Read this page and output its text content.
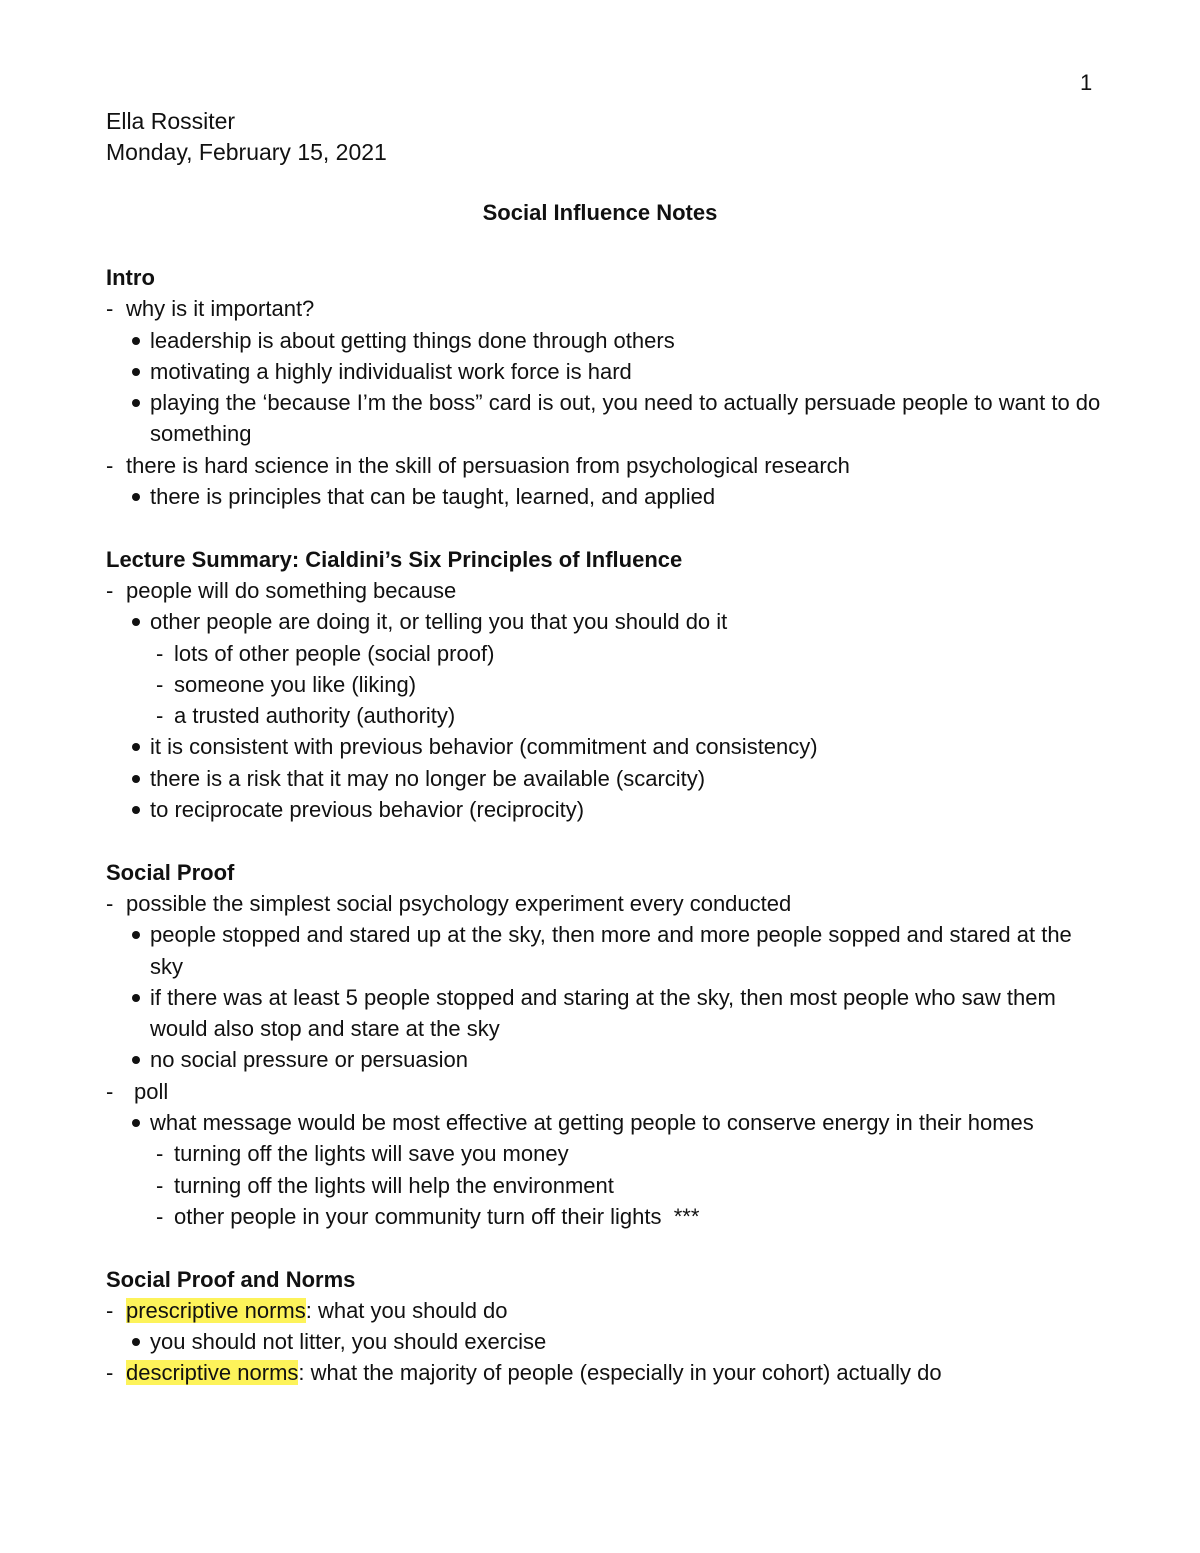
1
Ella Rossiter
Monday, February 15, 2021
Social Influence Notes
Intro
- why is it important?
leadership is about getting things done through others
motivating a highly individualist work force is hard
playing the ‘because I’m the boss” card is out, you need to actually persuade people to want to do something
- there is hard science in the skill of persuasion from psychological research
there is principles that can be taught, learned, and applied
Lecture Summary: Cialdini’s Six Principles of Influence
- people will do something because
other people are doing it, or telling you that you should do it
- lots of other people (social proof)
- someone you like (liking)
- a trusted authority (authority)
it is consistent with previous behavior (commitment and consistency)
there is a risk that it may no longer be available (scarcity)
to reciprocate previous behavior (reciprocity)
Social Proof
- possible the simplest social psychology experiment every conducted
people stopped and stared up at the sky, then more and more people sopped and stared at the sky
if there was at least 5 people stopped and staring at the sky, then most people who saw them would also stop and stare at the sky
no social pressure or persuasion
- poll
what message would be most effective at getting people to conserve energy in their homes
- turning off the lights will save you money
- turning off the lights will help the environment
- other people in your community turn off their lights  ***
Social Proof and Norms
- prescriptive norms: what you should do
you should not litter, you should exercise
- descriptive norms: what the majority of people (especially in your cohort) actually do
